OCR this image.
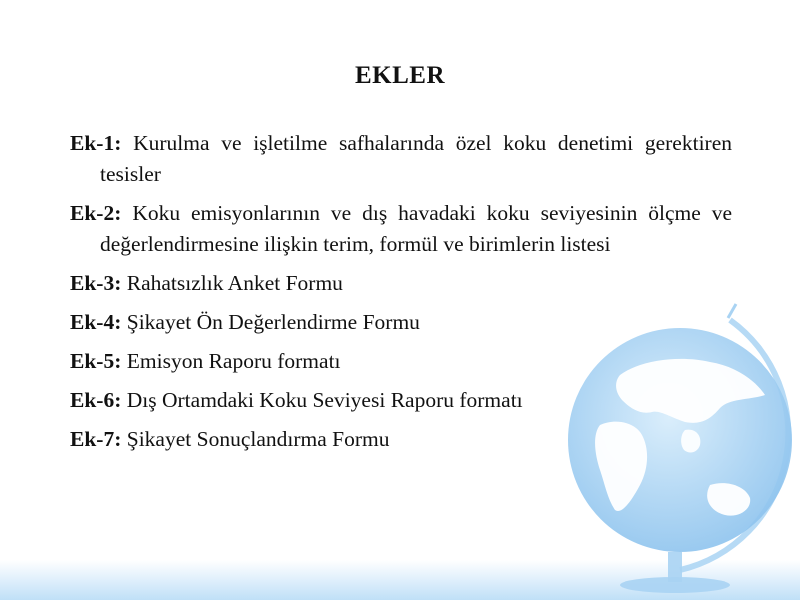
EKLER
Ek-1: Kurulma ve işletilme safhalarında özel koku denetimi gerektiren tesisler
Ek-2: Koku emisyonlarının ve dış havadaki koku seviyesinin ölçme ve değerlendirmesine ilişkin terim, formül ve birimlerin listesi
Ek-3: Rahatsızlık Anket Formu
Ek-4: Şikayet Ön Değerlendirme Formu
Ek-5: Emisyon Raporu formatı
Ek-6: Dış Ortamdaki Koku Seviyesi Raporu formatı
Ek-7: Şikayet Sonuçlandırma Formu
